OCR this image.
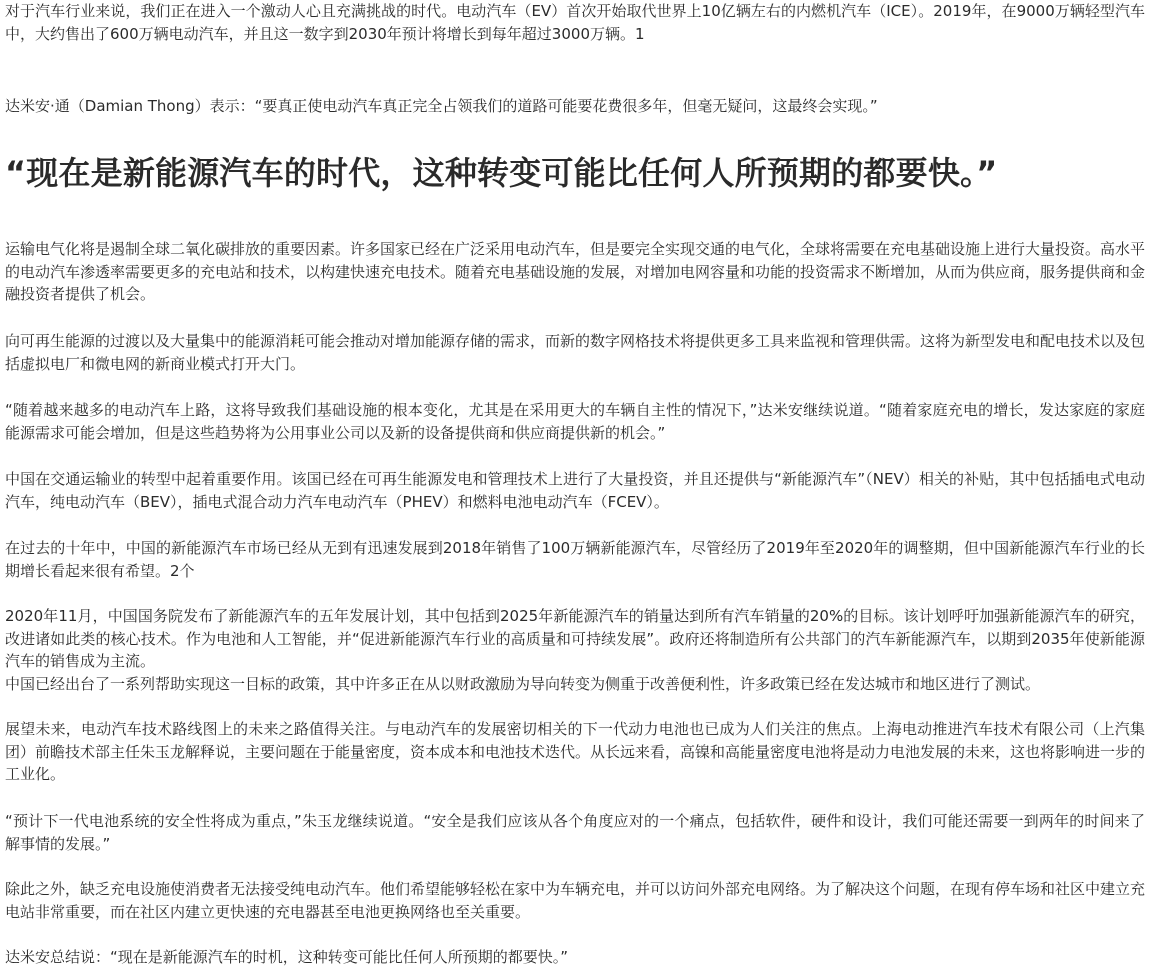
对于汽车行业来说，我们正在进入一个激动人心且充满挑战的时代。电动汽车（EV）首次开始取代世界上10亿辆左右的内燃机汽车（ICE）。2019年，在9000万辆轻型汽车中，大约售出了600万辆电动汽车，并且这一数字到2030年预计将增长到每年超过3000万辆。1

达米安·通（Damian Thong）表示：“要真正使电动汽车真正完全占领我们的道路可能要花费很多年，但毫无疑问，这最终会实现。”

“现在是新能源汽车的时代，这种转变可能比任何人所预期的都要快。”

运输电气化将是遏制全球二氧化碳排放的重要因素。许多国家已经在广泛采用电动汽车，但是要完全实现交通的电气化，全球将需要在充电基础设施上进行大量投资。高水平的电动汽车渗透率需要更多的充电站和技术，以构建快速充电技术。随着充电基础设施的发展，对增加电网容量和功能的投资需求不断增加，从而为供应商，服务提供商和金融投资者提供了机会。

向可再生能源的过渡以及大量集中的能源消耗可能会推动对增加能源存储的需求，而新的数字网格技术将提供更多工具来监视和管理供需。这将为新型发电和配电技术以及包括虚拟电厂和微电网的新商业模式打开大门。

“随着越来越多的电动汽车上路，这将导致我们基础设施的根本变化，尤其是在采用更大的车辆自主性的情况下，”达米安继续说道。“随着家庭充电的增长，发达家庭的家庭能源需求可能会增加，但是这些趋势将为公用事业公司以及新的设备提供商和供应商提供新的机会。”

中国在交通运输业的转型中起着重要作用。该国已经在可再生能源发电和管理技术上进行了大量投资，并且还提供与“新能源汽车”（NEV）相关的补贴，其中包括插电式电动汽车，纯电动汽车（BEV），插电式混合动力汽车电动汽车（PHEV）和燃料电池电动汽车（FCEV）。

在过去的十年中，中国的新能源汽车市场已经从无到有迅速发展到2018年销售了100万辆新能源汽车，尽管经历了2019年至2020年的调整期，但中国新能源汽车行业的长期增长看起来很有希望。2个

2020年11月，中国国务院发布了新能源汽车的五年发展计划，其中包括到2025年新能源汽车的销量达到所有汽车销量的20%的目标。该计划呼吁加强新能源汽车的研究，改进诸如此类的核心技术。作为电池和人工智能，并“促进新能源汽车行业的高质量和可持续发展”。政府还将制造所有公共部门的汽车新能源汽车，以期到2035年使新能源汽车的销售成为主流。

中国已经出台了一系列帮助实现这一目标的政策，其中许多正在从以财政激励为导向转变为侧重于改善便利性，许多政策已经在发达城市和地区进行了测试。

展望未来，电动汽车技术路线图上的未来之路值得关注。与电动汽车的发展密切相关的下一代动力电池也已成为人们关注的焦点。上海电动推进汽车技术有限公司（上汽集团）前瞻技术部主任朱玉龙解释说，主要问题在于能量密度，资本成本和电池技术迭代。从长远来看，高镍和高能量密度电池将是动力电池发展的未来，这也将影响进一步的工业化。

“预计下一代电池系统的安全性将成为重点，”朱玉龙继续说道。“安全是我们应该从各个角度应对的一个痛点，包括软件，硬件和设计，我们可能还需要一到两年的时间来了解事情的发展。”

除此之外，缺乏充电设施使消费者无法接受纯电动汽车。他们希望能够轻松在家中为车辆充电，并可以访问外部充电网络。为了解决这个问题，在现有停车场和社区中建立充电站非常重要，而在社区内建立更快速的充电器甚至电池更换网络也至关重要。

达米安总结说：“现在是新能源汽车的时机，这种转变可能比任何人所预期的都要快。”
